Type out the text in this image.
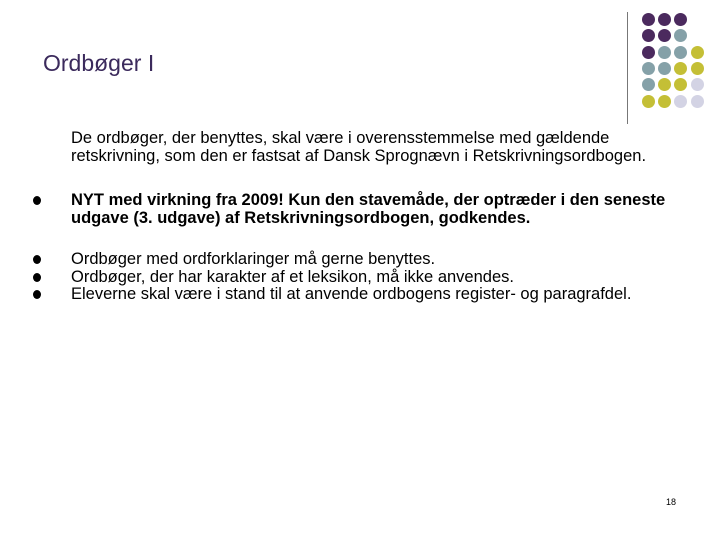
Ordbøger I

De ordbøger, der benyttes, skal være i overensstemmelse med gældende retskrivning, som den er fastsat af Dansk Sprognævn i Retskrivningsordbogen.

NYT med virkning fra 2009! Kun den stavemåde, der optræder i den seneste udgave (3. udgave) af Retskrivningsordbogen, godkendes.
Ordbøger med ordforklaringer må gerne benyttes.
Ordbøger, der har karakter af et leksikon, må ikke anvendes.
Eleverne skal være i stand til at anvende ordbogens register- og paragrafdel.
18
